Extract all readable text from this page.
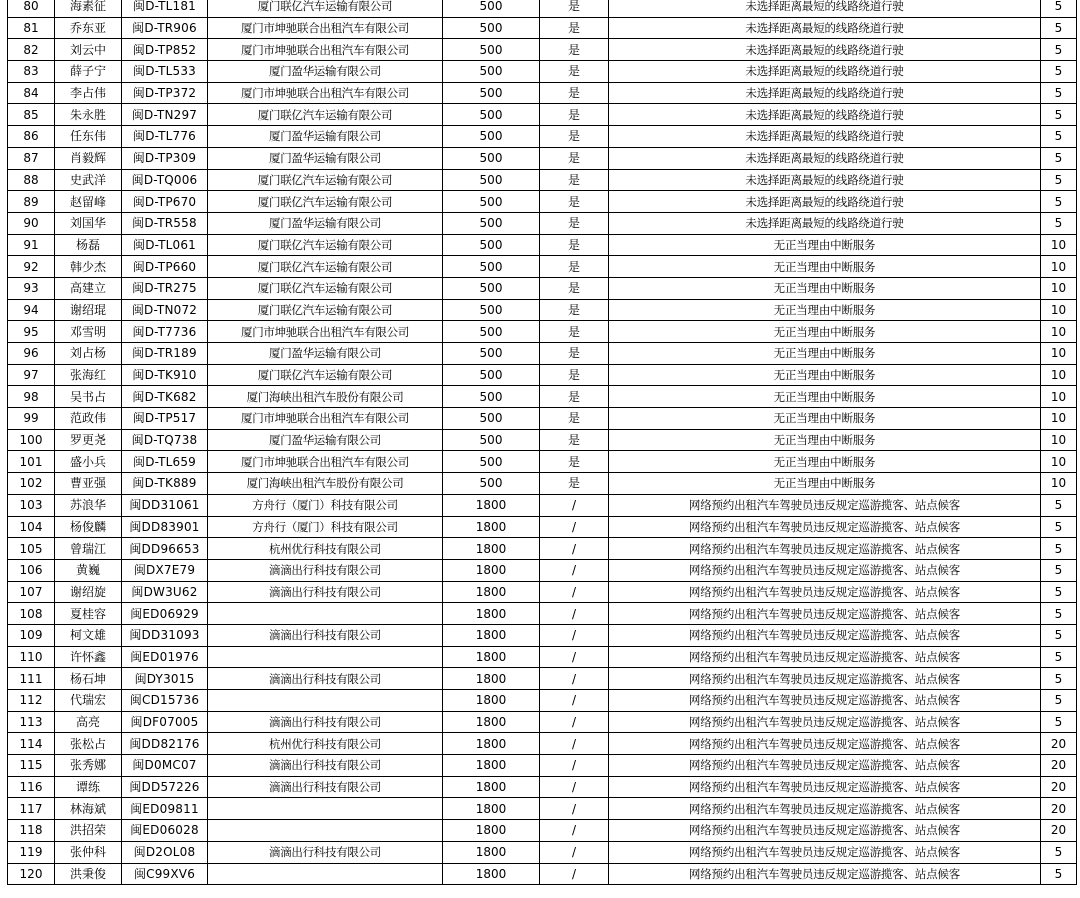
80	海素征	闽D-TL181	厦门联亿汽车运输有限公司	500	是	未选择距离最短的线路绕道行驶	5
81	乔东亚	闽D-TR906	厦门市坤驰联合出租汽车有限公司	500	是	未选择距离最短的线路绕道行驶	5
82	刘云中	闽D-TP852	厦门市坤驰联合出租汽车有限公司	500	是	未选择距离最短的线路绕道行驶	5
83	薛子宁	闽D-TL533	厦门盈华运输有限公司	500	是	未选择距离最短的线路绕道行驶	5
84	李占伟	闽D-TP372	厦门市坤驰联合出租汽车有限公司	500	是	未选择距离最短的线路绕道行驶	5
85	朱永胜	闽D-TN297	厦门联亿汽车运输有限公司	500	是	未选择距离最短的线路绕道行驶	5
86	任东伟	闽D-TL776	厦门盈华运输有限公司	500	是	未选择距离最短的线路绕道行驶	5
87	肖毅辉	闽D-TP309	厦门盈华运输有限公司	500	是	未选择距离最短的线路绕道行驶	5
88	史武洋	闽D-TQ006	厦门联亿汽车运输有限公司	500	是	未选择距离最短的线路绕道行驶	5
89	赵留峰	闽D-TP670	厦门联亿汽车运输有限公司	500	是	未选择距离最短的线路绕道行驶	5
90	刘国华	闽D-TR558	厦门盈华运输有限公司	500	是	未选择距离最短的线路绕道行驶	5
91	杨磊	闽D-TL061	厦门联亿汽车运输有限公司	500	是	无正当理由中断服务	10
92	韩少杰	闽D-TP660	厦门联亿汽车运输有限公司	500	是	无正当理由中断服务	10
93	高建立	闽D-TR275	厦门联亿汽车运输有限公司	500	是	无正当理由中断服务	10
94	谢绍琨	闽D-TN072	厦门联亿汽车运输有限公司	500	是	无正当理由中断服务	10
95	邓雪明	闽D-T7736	厦门市坤驰联合出租汽车有限公司	500	是	无正当理由中断服务	10
96	刘占杨	闽D-TR189	厦门盈华运输有限公司	500	是	无正当理由中断服务	10
97	张海红	闽D-TK910	厦门联亿汽车运输有限公司	500	是	无正当理由中断服务	10
98	吴书占	闽D-TK682	厦门海峡出租汽车股份有限公司	500	是	无正当理由中断服务	10
99	范政伟	闽D-TP517	厦门市坤驰联合出租汽车有限公司	500	是	无正当理由中断服务	10
100	罗更尧	闽D-TQ738	厦门盈华运输有限公司	500	是	无正当理由中断服务	10
101	盛小兵	闽D-TL659	厦门市坤驰联合出租汽车有限公司	500	是	无正当理由中断服务	10
102	曹亚强	闽D-TK889	厦门海峡出租汽车股份有限公司	500	是	无正当理由中断服务	10
103	苏浪华	闽DD31061	方舟行（厦门）科技有限公司	1800	/	网络预约出租汽车驾驶员违反规定巡游揽客、站点候客	5
104	杨俊麟	闽DD83901	方舟行（厦门）科技有限公司	1800	/	网络预约出租汽车驾驶员违反规定巡游揽客、站点候客	5
105	曾瑞江	闽DD96653	杭州优行科技有限公司	1800	/	网络预约出租汽车驾驶员违反规定巡游揽客、站点候客	5
106	黄巍	闽DX7E79	滴滴出行科技有限公司	1800	/	网络预约出租汽车驾驶员违反规定巡游揽客、站点候客	5
107	谢绍旋	闽DW3U62	滴滴出行科技有限公司	1800	/	网络预约出租汽车驾驶员违反规定巡游揽客、站点候客	5
108	夏桂容	闽ED06929		1800	/	网络预约出租汽车驾驶员违反规定巡游揽客、站点候客	5
109	柯文雄	闽DD31093	滴滴出行科技有限公司	1800	/	网络预约出租汽车驾驶员违反规定巡游揽客、站点候客	5
110	许怀鑫	闽ED01976		1800	/	网络预约出租汽车驾驶员违反规定巡游揽客、站点候客	5
111	杨石坤	闽DY3015	滴滴出行科技有限公司	1800	/	网络预约出租汽车驾驶员违反规定巡游揽客、站点候客	5
112	代瑞宏	闽CD15736		1800	/	网络预约出租汽车驾驶员违反规定巡游揽客、站点候客	5
113	高亮	闽DF07005	滴滴出行科技有限公司	1800	/	网络预约出租汽车驾驶员违反规定巡游揽客、站点候客	5
114	张松占	闽DD82176	杭州优行科技有限公司	1800	/	网络预约出租汽车驾驶员违反规定巡游揽客、站点候客	20
115	张秀娜	闽D0MC07	滴滴出行科技有限公司	1800	/	网络预约出租汽车驾驶员违反规定巡游揽客、站点候客	20
116	谭练	闽DD57226	滴滴出行科技有限公司	1800	/	网络预约出租汽车驾驶员违反规定巡游揽客、站点候客	20
117	林海斌	闽ED09811		1800	/	网络预约出租汽车驾驶员违反规定巡游揽客、站点候客	20
118	洪招荣	闽ED06028		1800	/	网络预约出租汽车驾驶员违反规定巡游揽客、站点候客	20
119	张仲科	闽D2OL08	滴滴出行科技有限公司	1800	/	网络预约出租汽车驾驶员违反规定巡游揽客、站点候客	5
120	洪秉俊	闽C99XV6		1800	/	网络预约出租汽车驾驶员违反规定巡游揽客、站点候客	5
